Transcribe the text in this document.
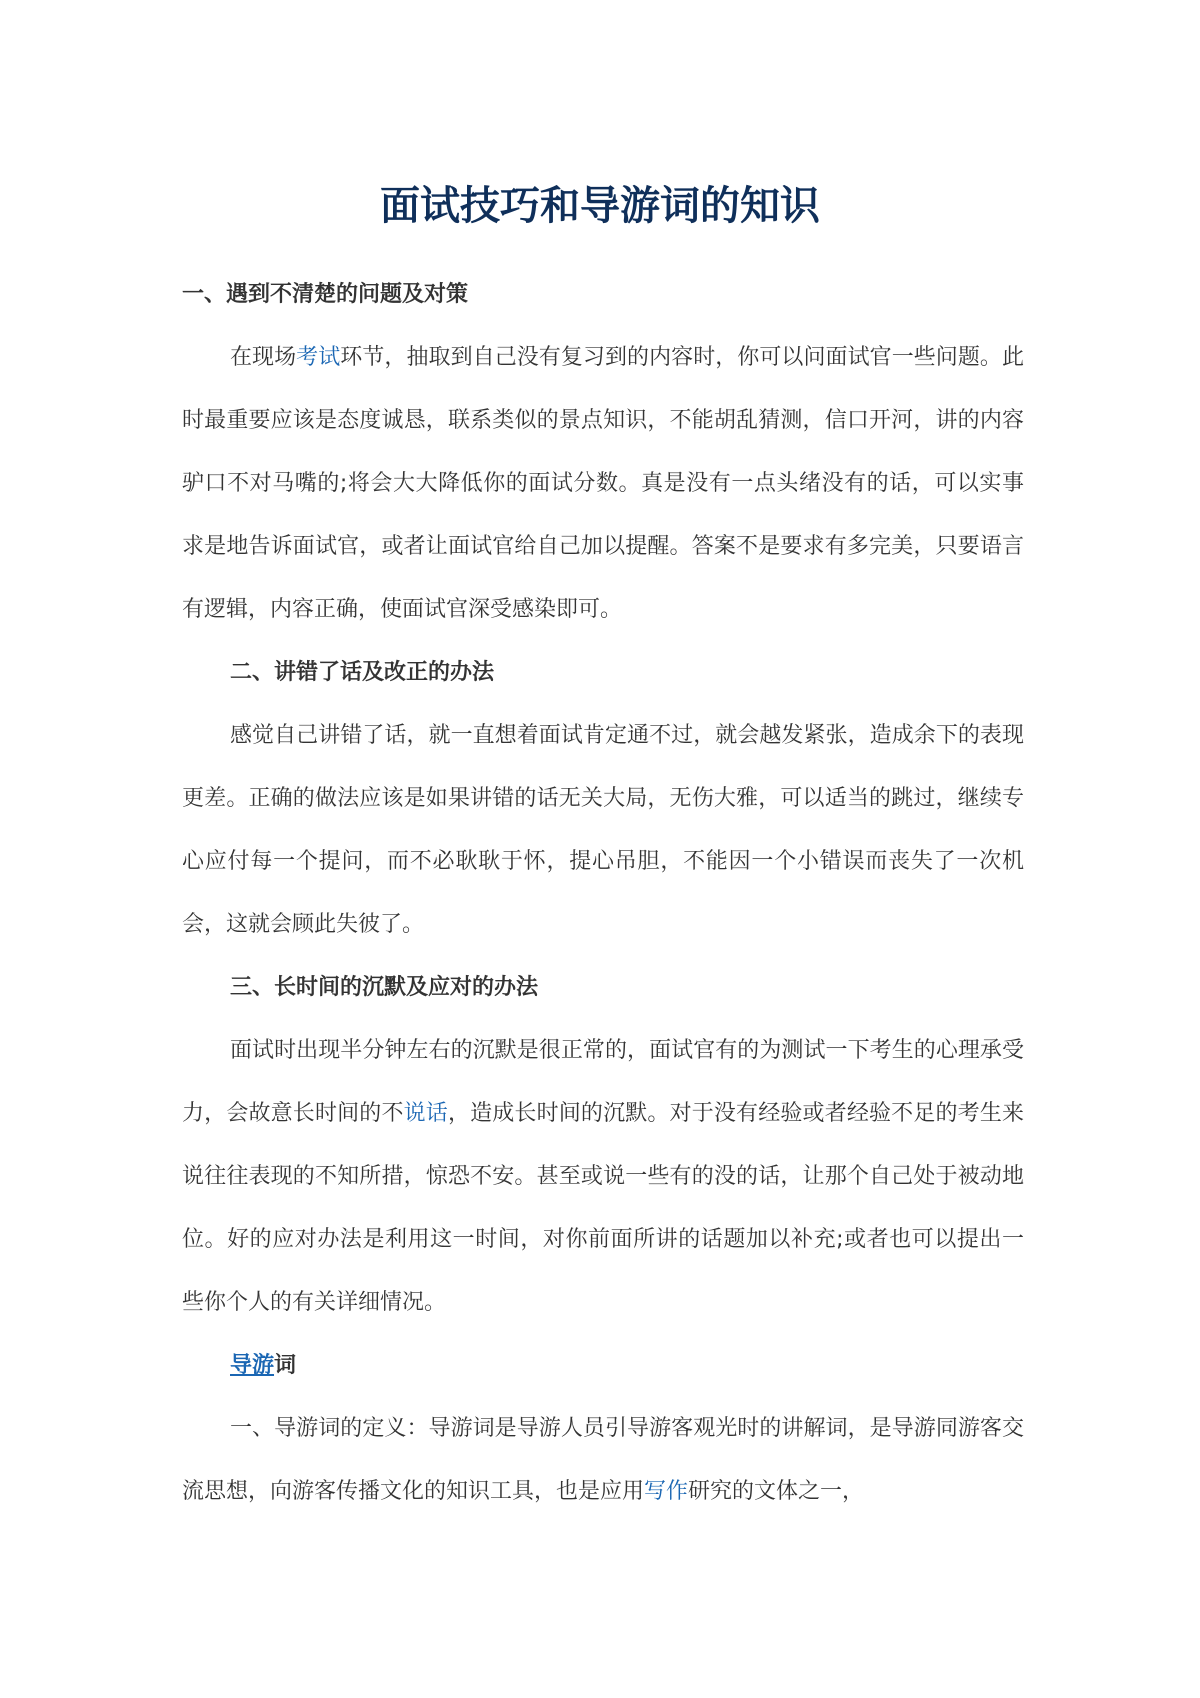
面试技巧和导游词的知识
一、遇到不清楚的问题及对策

在现场考试环节，抽取到自己没有复习到的内容时，你可以问面试官一些问题。此时最重要应该是态度诚恳，联系类似的景点知识，不能胡乱猜测，信口开河，讲的内容驴口不对马嘴的;将会大大降低你的面试分数。真是没有一点头绪没有的话，可以实事求是地告诉面试官，或者让面试官给自己加以提醒。答案不是要求有多完美，只要语言有逻辑，内容正确，使面试官深受感染即可。

二、讲错了话及改正的办法

感觉自己讲错了话，就一直想着面试肯定通不过，就会越发紧张，造成余下的表现更差。正确的做法应该是如果讲错的话无关大局，无伤大雅，可以适当的跳过，继续专心应付每一个提问，而不必耿耿于怀，提心吊胆，不能因一个小错误而丧失了一次机会，这就会顾此失彼了。

三、长时间的沉默及应对的办法

面试时出现半分钟左右的沉默是很正常的，面试官有的为测试一下考生的心理承受力，会故意长时间的不说话，造成长时间的沉默。对于没有经验或者经验不足的考生来说往往表现的不知所措，惊恐不安。甚至或说一些有的没的话，让那个自己处于被动地位。好的应对办法是利用这一时间，对你前面所讲的话题加以补充;或者也可以提出一些你个人的有关详细情况。

导游词

一、导游词的定义：导游词是导游人员引导游客观光时的讲解词，是导游同游客交流思想，向游客传播文化的知识工具，也是应用写作研究的文体之一，
